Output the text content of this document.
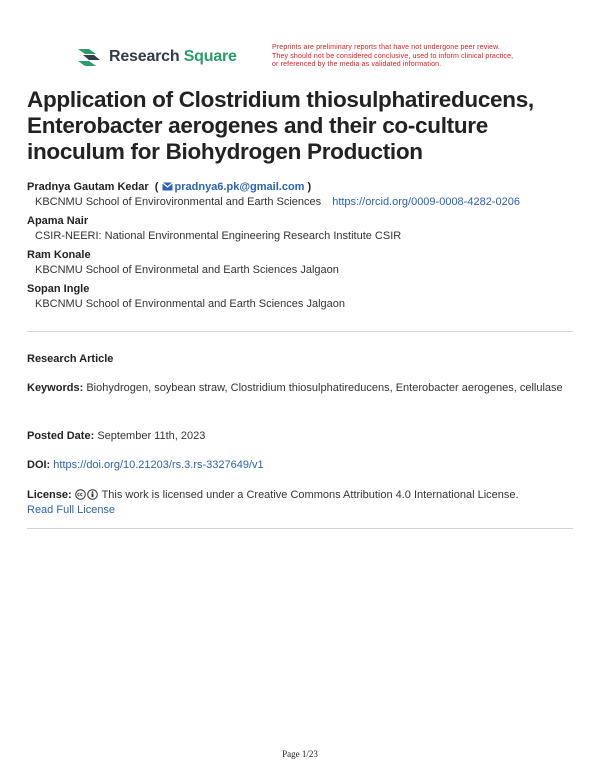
Research Square
Preprints are preliminary reports that have not undergone peer review.
They should not be considered conclusive, used to inform clinical practice,
or referenced by the media as validated information.
Application of Clostridium thiosulphatireducens, Enterobacter aerogenes and their co-culture inoculum for Biohydrogen Production
Pradnya Gautam Kedar  ( pradnya6.pk@gmail.com )
KBCNMU School of Envirovironmental and Earth Sciences https://orcid.org/0009-0008-4282-0206
Apama Nair
CSIR-NEERI: National Environmental Engineering Research Institute CSIR
Ram Konale
KBCNMU School of Environmetal and Earth Sciences Jalgaon
Sopan Ingle
KBCNMU School of Environmental and Earth Sciences Jalgaon
Research Article
Keywords: Biohydrogen, soybean straw, Clostridium thiosulphatireducens, Enterobacter aerogenes, cellulase
Posted Date: September 11th, 2023
DOI: https://doi.org/10.21203/rs.3.rs-3327649/v1
License:	This work is licensed under a Creative Commons Attribution 4.0 International License.
Read Full License
Page 1/23
